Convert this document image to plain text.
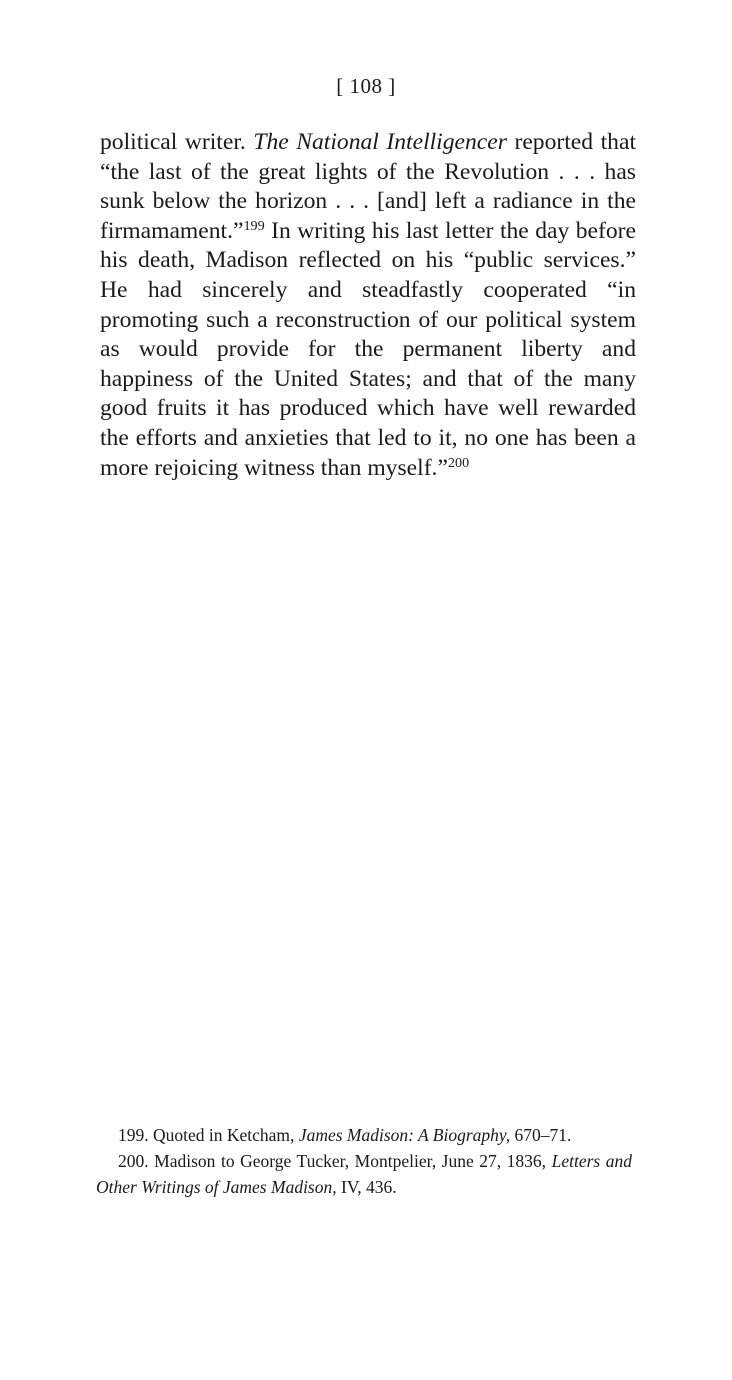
[ 108 ]

political writer. The National Intelligencer reported that “the last of the great lights of the Revolution . . . has sunk below the horizon . . . [and] left a radiance in the firmamament.”$^{199}$ In writing his last letter the day before his death, Madison reflected on his “public services.” He had sincerely and steadfastly cooperated “in promoting such a reconstruction of our political system as would provide for the permanent liberty and happiness of the United States; and that of the many good fruits it has produced which have well rewarded the efforts and anxieties that led to it, no one has been a more rejoicing witness than myself.”$^{200}$

199. Quoted in Ketcham, James Madison: A Biography, 670–71.

200. Madison to George Tucker, Montpelier, June 27, 1836, Letters and Other Writings of James Madison, IV, 436.
